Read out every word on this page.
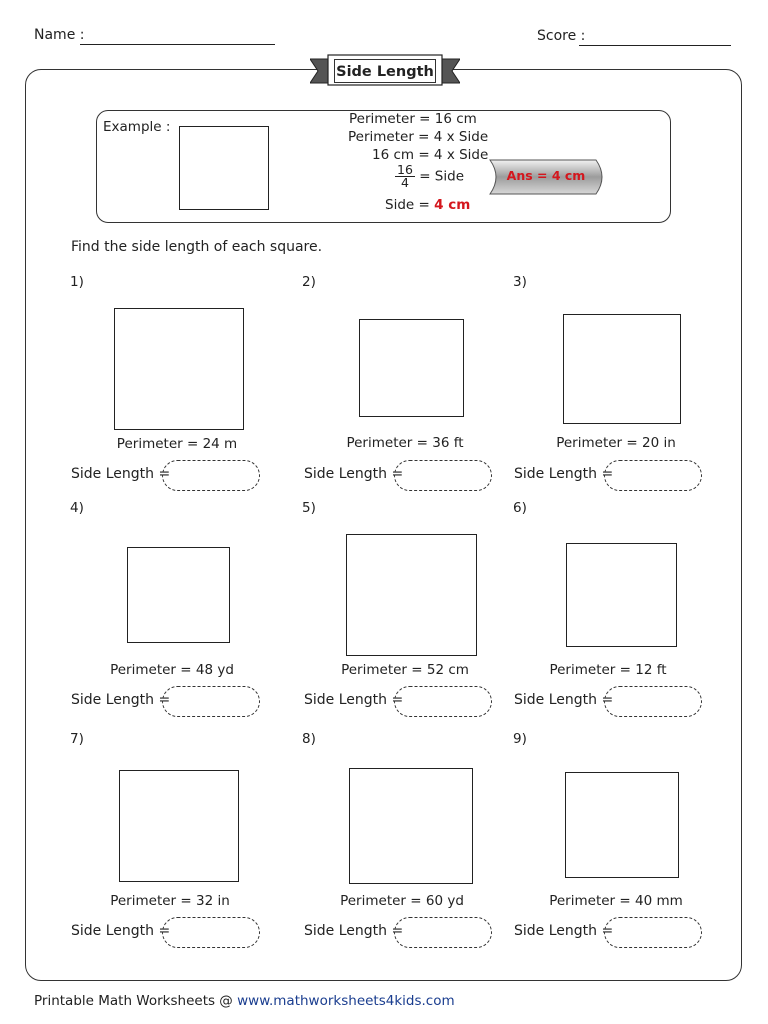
Name :	Score :
Side Length
Example :	Perimeter = 16 cm
Perimeter = 4 x Side
16 cm = 4 x Side
$\frac{16}{4}$ = Side
Side = 4 cm
Ans = 4 cm
Find the side length of each square.
1)
Perimeter = 24 m
Side Length =
2)
Perimeter = 36 ft
Side Length =
3)
Perimeter = 20 in
Side Length =
4)
Perimeter = 48 yd
Side Length =
5)
Perimeter = 52 cm
Side Length =
6)
Perimeter = 12 ft
Side Length =
7)
Perimeter = 32 in
Side Length =
8)
Perimeter = 60 yd
Side Length =
9)
Perimeter = 40 mm
Side Length =
Printable Math Worksheets @ www.mathworksheets4kids.com
